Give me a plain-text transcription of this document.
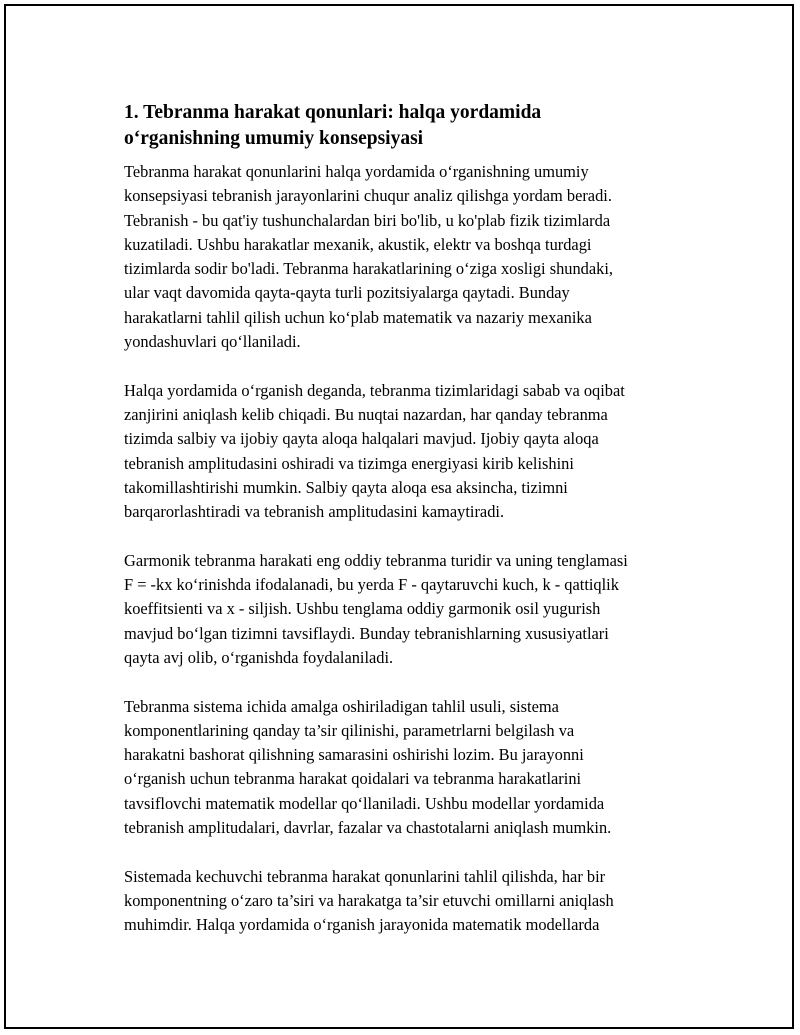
1. Tebranma harakat qonunlari: halqa yordamida
o‘rganishning umumiy konsepsiyasi

Tebranma harakat qonunlarini halqa yordamida o‘rganishning umumiy
konsepsiyasi tebranish jarayonlarini chuqur analiz qilishga yordam beradi.
Tebranish - bu qat'iy tushunchalardan biri bo'lib, u ko'plab fizik tizimlarda
kuzatiladi. Ushbu harakatlar mexanik, akustik, elektr va boshqa turdagi
tizimlarda sodir bo'ladi. Tebranma harakatlarining o‘ziga xosligi shundaki,
ular vaqt davomida qayta-qayta turli pozitsiyalarga qaytadi. Bunday
harakatlarni tahlil qilish uchun ko‘plab matematik va nazariy mexanika
yondashuvlari qo‘llaniladi.

Halqa yordamida o‘rganish deganda, tebranma tizimlaridagi sabab va oqibat
zanjirini aniqlash kelib chiqadi. Bu nuqtai nazardan, har qanday tebranma
tizimda salbiy va ijobiy qayta aloqa halqalari mavjud. Ijobiy qayta aloqa
tebranish amplitudasini oshiradi va tizimga energiyasi kirib kelishini
takomillashtirishi mumkin. Salbiy qayta aloqa esa aksincha, tizimni
barqarorlashtiradi va tebranish amplitudasini kamaytiradi.

Garmonik tebranma harakati eng oddiy tebranma turidir va uning tenglamasi
F = -kx ko‘rinishda ifodalanadi, bu yerda F - qaytaruvchi kuch, k - qattiqlik
koeffitsienti va x - siljish. Ushbu tenglama oddiy garmonik osil yugurish
mavjud bo‘lgan tizimni tavsiflaydi. Bunday tebranishlarning xususiyatlari
qayta avj olib, o‘rganishda foydalaniladi.

Tebranma sistema ichida amalga oshiriladigan tahlil usuli, sistema
komponentlarining qanday ta’sir qilinishi, parametrlarni belgilash va
harakatni bashorat qilishning samarasini oshirishi lozim. Bu jarayonni
o‘rganish uchun tebranma harakat qoidalari va tebranma harakatlarini
tavsiflovchi matematik modellar qo‘llaniladi. Ushbu modellar yordamida
tebranish amplitudalari, davrlar, fazalar va chastotalarni aniqlash mumkin.

Sistemada kechuvchi tebranma harakat qonunlarini tahlil qilishda, har bir
komponentning o‘zaro ta’siri va harakatga ta’sir etuvchi omillarni aniqlash
muhimdir. Halqa yordamida o‘rganish jarayonida matematik modellarda
